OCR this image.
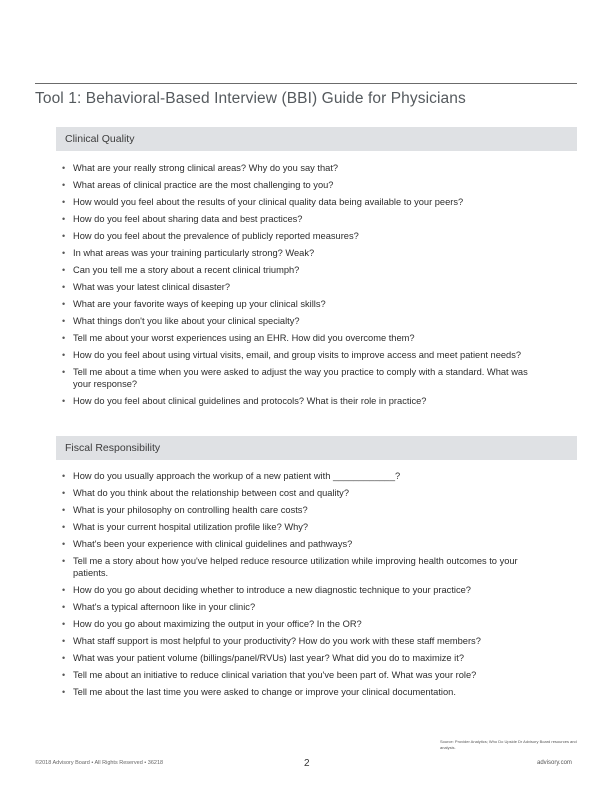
Tool 1: Behavioral-Based Interview (BBI) Guide for Physicians
Clinical Quality
• What are your really strong clinical areas? Why do you say that?
• What areas of clinical practice are the most challenging to you?
• How would you feel about the results of your clinical quality data being available to your peers?
• How do you feel about sharing data and best practices?
• How do you feel about the prevalence of publicly reported measures?
• In what areas was your training particularly strong? Weak?
• Can you tell me a story about a recent clinical triumph?
• What was your latest clinical disaster?
• What are your favorite ways of keeping up your clinical skills?
• What things don't you like about your clinical specialty?
• Tell me about your worst experiences using an EHR. How did you overcome them?
• How do you feel about using virtual visits, email, and group visits to improve access and meet patient needs?
• Tell me about a time when you were asked to adjust the way you practice to comply with a standard. What was your response?
• How do you feel about clinical guidelines and protocols? What is their role in practice?
Fiscal Responsibility
• How do you usually approach the workup of a new patient with ____________?
• What do you think about the relationship between cost and quality?
• What is your philosophy on controlling health care costs?
• What is your current hospital utilization profile like? Why?
• What's been your experience with clinical guidelines and pathways?
• Tell me a story about how you've helped reduce resource utilization while improving health outcomes to your patients.
• How do you go about deciding whether to introduce a new diagnostic technique to your practice?
• What's a typical afternoon like in your clinic?
• How do you go about maximizing the output in your office? In the OR?
• What staff support is most helpful to your productivity? How do you work with these staff members?
• What was your patient volume (billings/panel/RVUs) last year? What did you do to maximize it?
• Tell me about an initiative to reduce clinical variation that you've been part of. What was your role?
• Tell me about the last time you were asked to change or improve your clinical documentation.
Source: Provider Analytics; Who Do Upside Dr Advisory Board resources and analysis.
©2018 Advisory Board • All Rights Reserved • 36218	2	advisory.com
